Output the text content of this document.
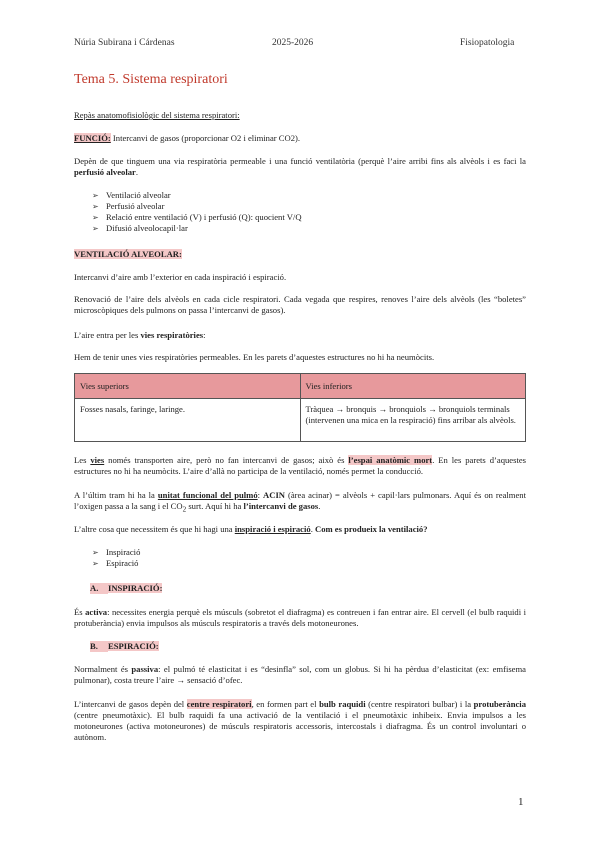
Núria Subirana i Cárdenas	2025-2026	Fisiopatologia
Tema 5. Sistema respiratori
Repàs anatomofisiològic del sistema respiratori:
FUNCIÓ: Intercanvi de gasos (proporcionar O2 i eliminar CO2).
Depèn de que tinguem una via respiratòria permeable i una funció ventilatòria (perquè l’aire arribi fins als alvèols i es faci la perfusió alveolar.
➢ Ventilació alveolar
➢ Perfusió alveolar
➢ Relació entre ventilació (V) i perfusió (Q): quocient V/Q
➢ Difusió alveolocapil·lar
VENTILACIÓ ALVEOLAR:
Intercanvi d’aire amb l’exterior en cada inspiració i espiració.
Renovació de l’aire dels alvèols en cada cicle respiratori. Cada vegada que respires, renoves l’aire dels alvèols (les “boletes” microscòpiques dels pulmons on passa l’intercanvi de gasos).
L’aire entra per les vies respiratòries:
Hem de tenir unes vies respiratòries permeables. En les parets d’aquestes estructures no hi ha neumòcits.
Vies superiors	Vies inferiors
Fosses nasals, faringe, laringe.	Tràquea → bronquis → bronquiols → bronquiols terminals (intervenen una mica en la respiració) fins arribar als alvèols.
Les vies només transporten aire, però no fan intercanvi de gasos; això és l’espai anatòmic mort. En les parets d’aquestes estructures no hi ha neumòcits. L’aire d’allà no participa de la ventilació, només permet la conducció.
A l’últim tram hi ha la unitat funcional del pulmó: ACIN (àrea acinar) = alvèols + capil·lars pulmonars. Aquí és on realment l’oxigen passa a la sang i el $CO_2$ surt. Aquí hi ha l’intercanvi de gasos.
L’altre cosa que necessitem és que hi hagi una inspiració i espiració. Com es produeix la ventilació?
➢ Inspiració
➢ Espiració
A. INSPIRACIÓ:
És activa: necessites energia perquè els músculs (sobretot el diafragma) es contreuen i fan entrar aire. El cervell (el bulb raquidi i protuberància) envia impulsos als músculs respiratoris a través dels motoneurones.
B. ESPIRACIÓ:
Normalment és passiva: el pulmó té elasticitat i es “desinfla” sol, com un globus. Si hi ha pèrdua d’elasticitat (ex: emfisema pulmonar), costa treure l’aire → sensació d’ofec.
L’intercanvi de gasos depèn del centre respiratori, en formen part el bulb raquidi (centre respiratori bulbar) i la protuberància (centre pneumotàxic). El bulb raquidi fa una activació de la ventilació i el pneumotàxic inhibeix. Envia impulsos a les motoneurones (activa motoneurones) de músculs respiratoris accessoris, intercostals i diafragma. És un control involuntari o autònom.
1
